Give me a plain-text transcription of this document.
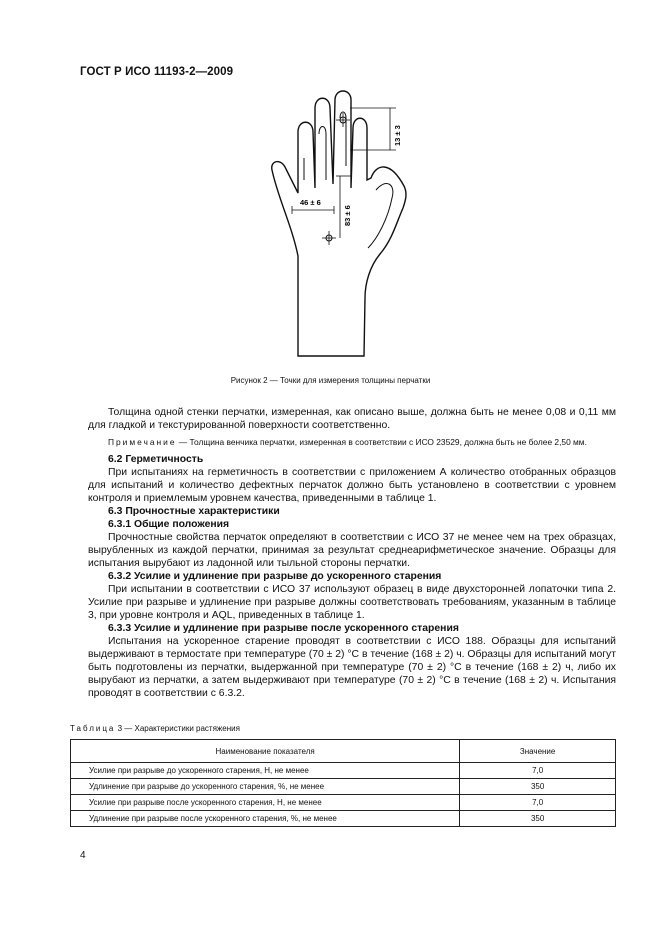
ГОСТ Р ИСО 11193-2—2009
46 ± 6
83 ± 6
13 ± 3
Рисунок 2 — Точки для измерения толщины перчатки

Толщина одной стенки перчатки, измеренная, как описано выше, должна быть не менее 0,08 и 0,11 мм для гладкой и текстурированной поверхности соответственно.

Примечание — Толщина венчика перчатки, измеренная в соответствии с ИСО 23529, должна быть не более 2,50 мм.

6.2 Герметичность

При испытаниях на герметичность в соответствии с приложением А количество отобранных образцов для испытаний и количество дефектных перчаток должно быть установлено в соответствии с уровнем контроля и приемлемым уровнем качества, приведенными в таблице 1.

6.3 Прочностные характеристики

6.3.1 Общие положения

Прочностные свойства перчаток определяют в соответствии с ИСО 37 не менее чем на трех образцах, вырубленных из каждой перчатки, принимая за результат среднеарифметическое значение. Образцы для испытания вырубают из ладонной или тыльной стороны перчатки.

6.3.2 Усилие и удлинение при разрыве до ускоренного старения

При испытании в соответствии с ИСО 37 используют образец в виде двухсторонней лопаточки типа 2. Усилие при разрыве и удлинение при разрыве должны соответствовать требованиям, указанным в таблице 3, при уровне контроля и AQL, приведенных в таблице 1.

6.3.3 Усилие и удлинение при разрыве после ускоренного старения

Испытания на ускоренное старение проводят в соответствии с ИСО 188. Образцы для испытаний выдерживают в термостате при температуре (70 ± 2) °С в течение (168 ± 2) ч. Образцы для испытаний могут быть подготовлены из перчатки, выдержанной при температуре (70 ± 2) °С в течение (168 ± 2) ч, либо их вырубают из перчатки, а затем выдерживают при температуре (70 ± 2) °С в течение (168 ± 2) ч. Испытания проводят в соответствии с 6.3.2.

Таблица 3 — Характеристики растяжения
Наименование показателя	Значение
Усилие при разрыве до ускоренного старения, Н, не менее	7,0
Удлинение при разрыве до ускоренного старения, %, не менее	350
Усилие при разрыве после ускоренного старения, Н, не менее	7,0
Удлинение при разрыве после ускоренного старения, %, не менее	350
4
